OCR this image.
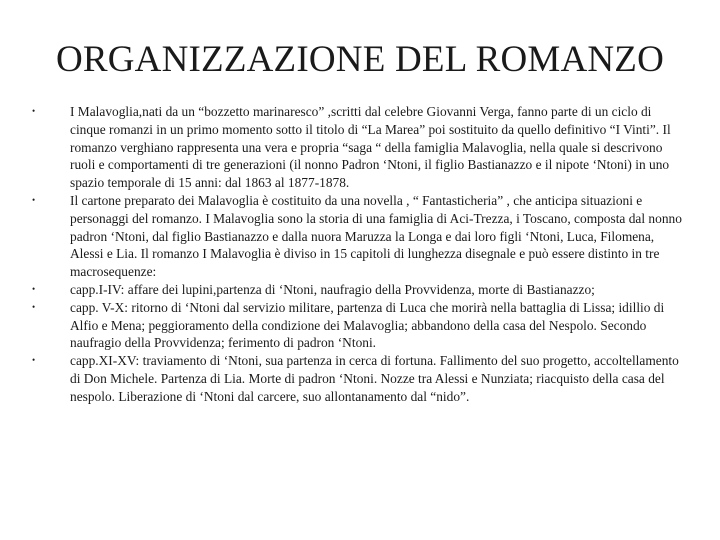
ORGANIZZAZIONE DEL ROMANZO
•	I Malavoglia,nati da un “bozzetto marinaresco” ,scritti dal celebre Giovanni Verga, fanno parte di un ciclo di cinque romanzi in un primo momento sotto il titolo di “La Marea” poi sostituito da quello definitivo “I Vinti”. Il romanzo verghiano rappresenta una vera e propria “saga “ della famiglia Malavoglia, nella quale si descrivono ruoli e comportamenti di tre generazioni (il nonno Padron ‘Ntoni, il figlio Bastianazzo e il nipote ‘Ntoni) in uno spazio temporale di 15 anni: dal 1863 al 1877-1878.
•	Il cartone preparato dei Malavoglia è costituito da una novella , “ Fantasticheria” , che anticipa situazioni e personaggi del romanzo. I Malavoglia sono la storia di una famiglia di Aci-Trezza, i Toscano, composta dal nonno padron ‘Ntoni, dal figlio Bastianazzo e dalla nuora Maruzza la Longa e dai loro figli ‘Ntoni, Luca, Filomena, Alessi e Lia. Il romanzo I Malavoglia è diviso in 15 capitoli di lunghezza disegnale e può essere distinto in tre macrosequenze:
•	capp.I-IV: affare dei lupini,partenza di ‘Ntoni, naufragio della Provvidenza, morte di Bastianazzo;
•	capp. V-X: ritorno di ‘Ntoni dal servizio militare, partenza di Luca che morirà nella battaglia di Lissa; idillio di Alfio e Mena; peggioramento della condizione dei Malavoglia; abbandono della casa del Nespolo. Secondo naufragio della Provvidenza; ferimento di padron ‘Ntoni.
•	capp.XI-XV: traviamento di ‘Ntoni, sua partenza in cerca di fortuna. Fallimento del suo progetto, accoltellamento di Don Michele. Partenza di Lia. Morte di padron ‘Ntoni. Nozze tra Alessi e Nunziata; riacquisto della casa del nespolo. Liberazione di ‘Ntoni dal carcere, suo allontanamento dal “nido”.
